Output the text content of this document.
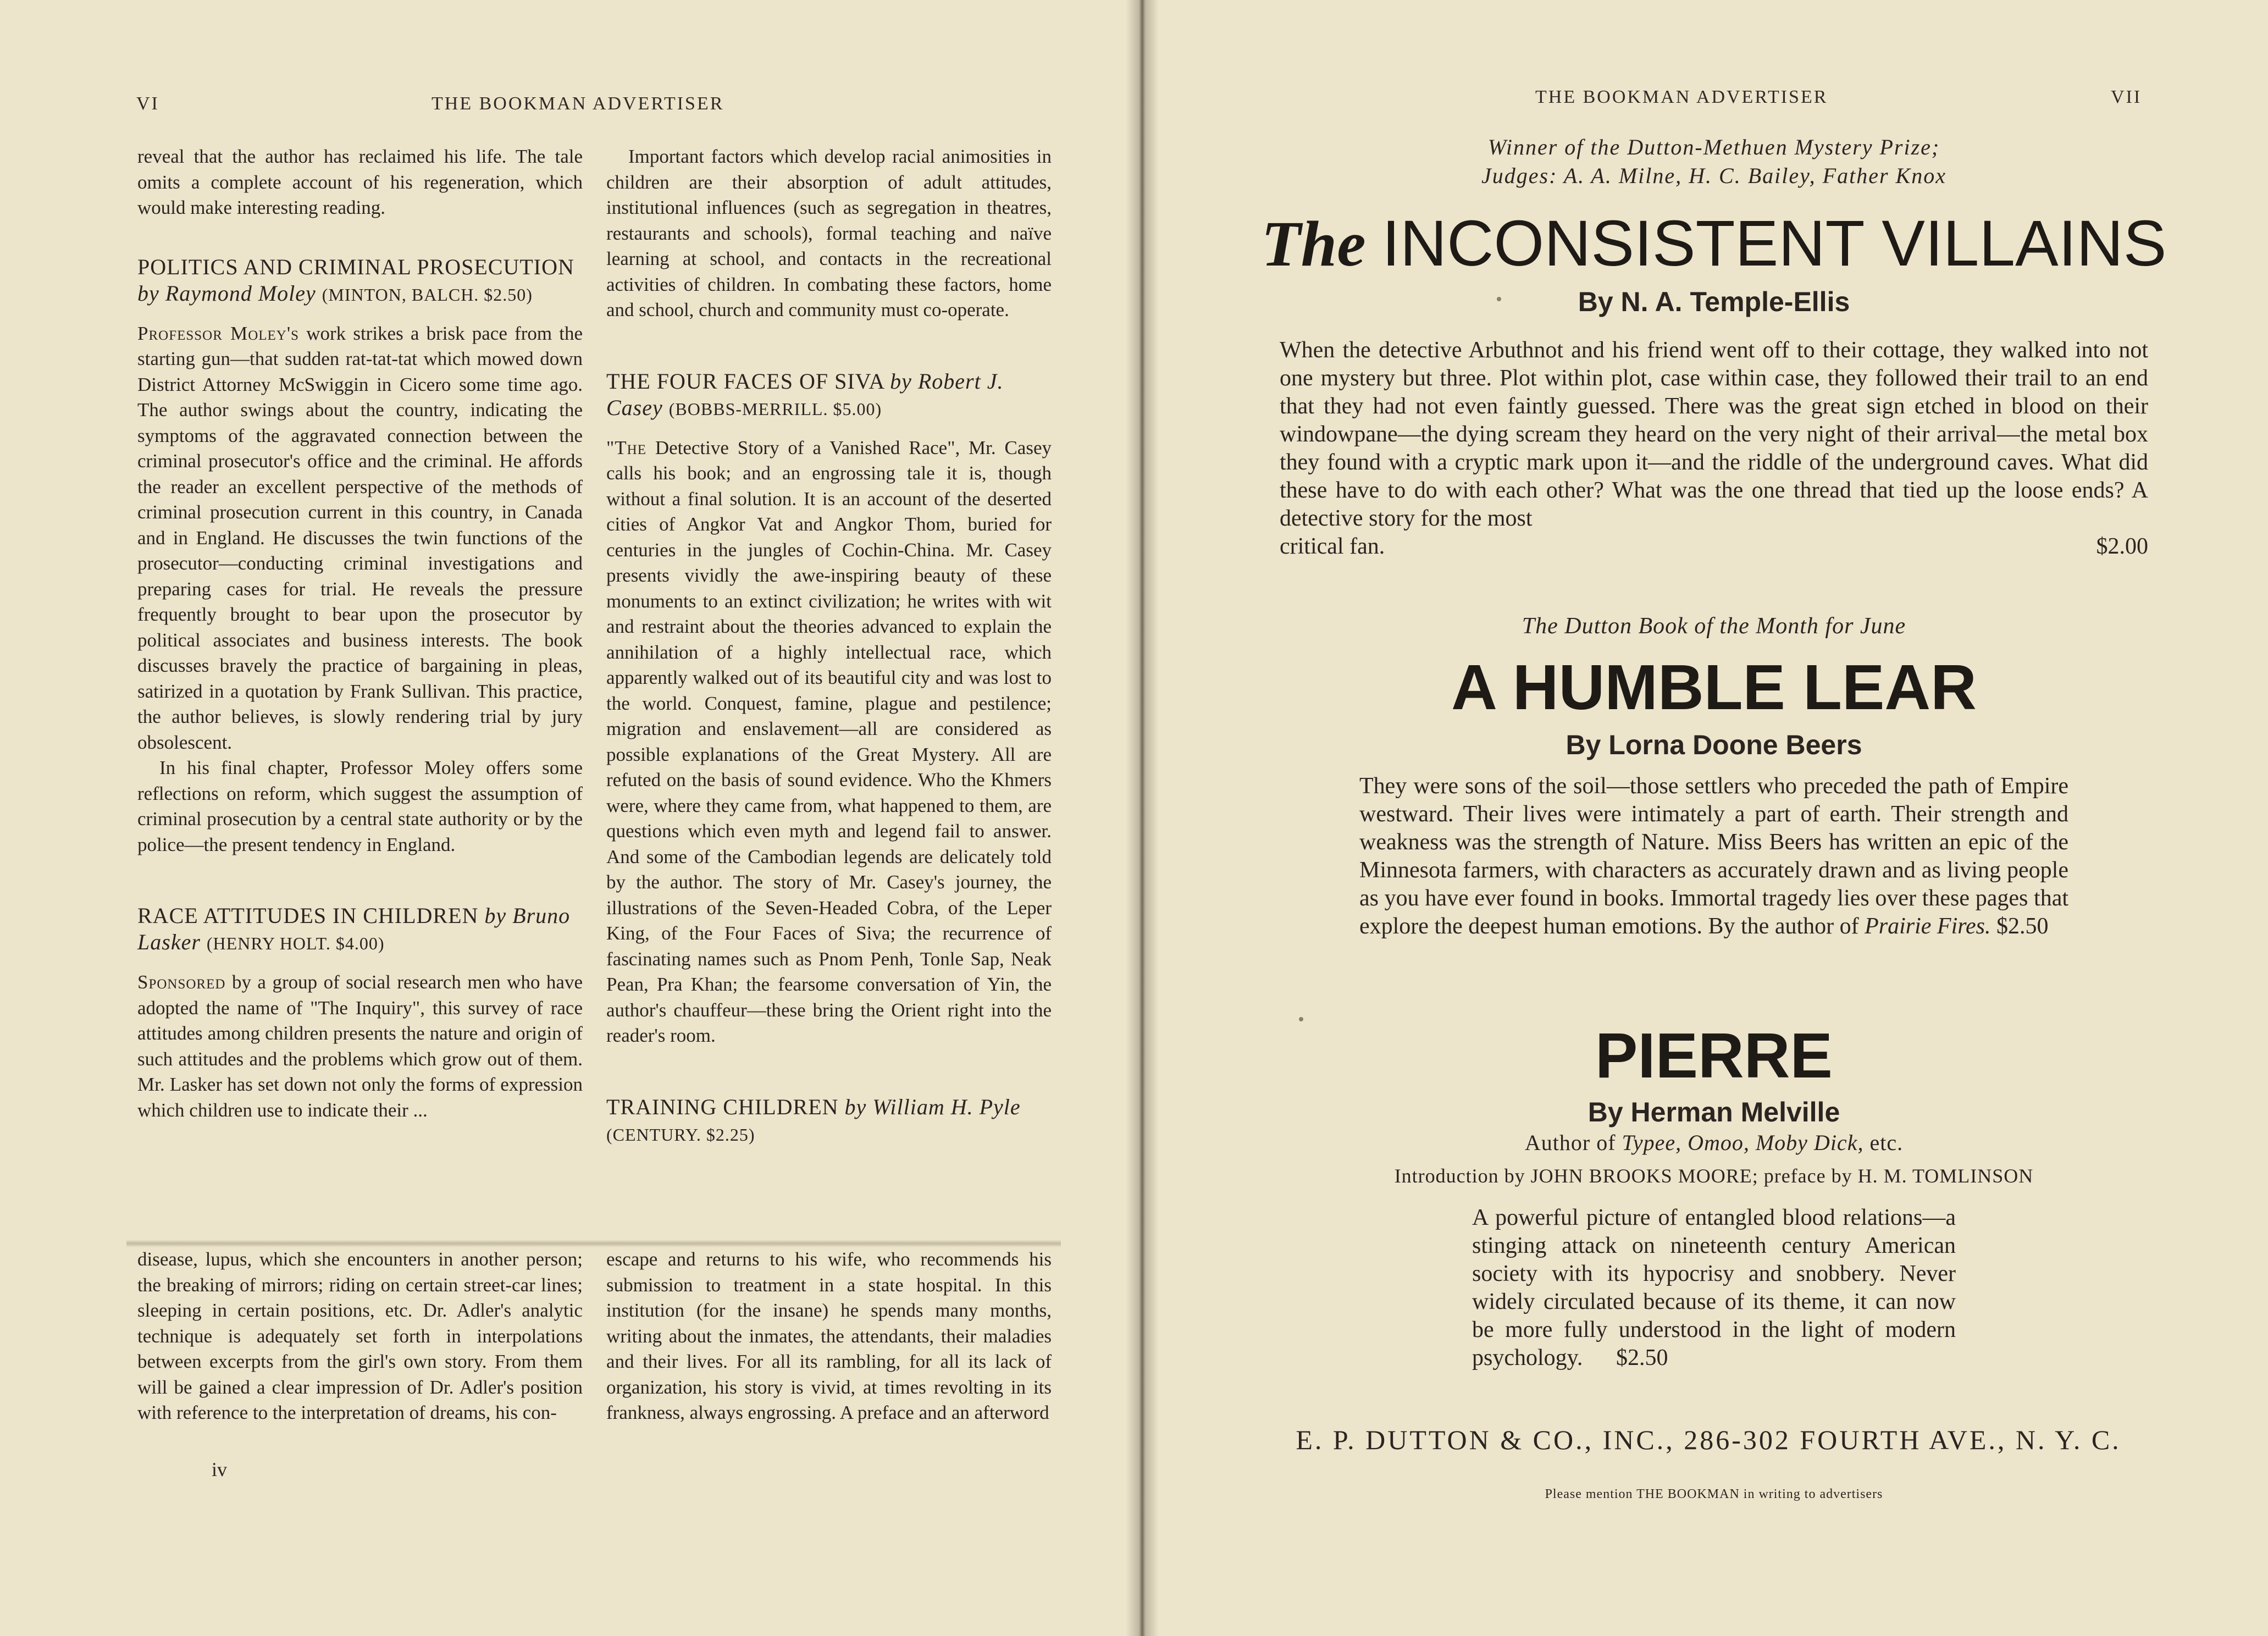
VI	THE BOOKMAN ADVERTISER

reveal that the author has reclaimed his life. The tale omits a complete account of his regeneration, which would make interesting reading.

POLITICS AND CRIMINAL PROSECUTION by Raymond Moley (MINTON, BALCH. $2.50)

Professor Moley's work strikes a brisk pace from the starting gun—that sudden rat-tat-tat which mowed down District Attorney McSwiggin in Cicero some time ago. The author swings about the country, indicating the symptoms of the aggravated connection between the criminal prosecutor's office and the criminal. He affords the reader an excellent perspective of the methods of criminal prosecution current in this country, in Canada and in England. He discusses the twin functions of the prosecutor—conducting criminal investigations and preparing cases for trial. He reveals the pressure frequently brought to bear upon the prosecutor by political associates and business interests. The book discusses bravely the practice of bargaining in pleas, satirized in a quotation by Frank Sullivan. This practice, the author believes, is slowly rendering trial by jury obsolescent.

In his final chapter, Professor Moley offers some reflections on reform, which suggest the assumption of criminal prosecution by a central state authority or by the police—the present tendency in England.

RACE ATTITUDES IN CHILDREN by Bruno Lasker (HENRY HOLT. $4.00)

Sponsored by a group of social research men who have adopted the name of "The Inquiry", this survey of race attitudes among children presents the nature and origin of such attitudes and the problems which grow out of them. Mr. Lasker has set down not only the forms of expression which children use to indicate their ...

disease, lupus, which she encounters in another person; the breaking of mirrors; riding on certain street-car lines; sleeping in certain positions, etc. Dr. Adler's analytic technique is adequately set forth in interpolations between excerpts from the girl's own story. From them will be gained a clear impression of Dr. Adler's position with reference to the interpretation of dreams, his con-

Important factors which develop racial animosities in children are their absorption of adult attitudes, institutional influences (such as segregation in theatres, restaurants and schools), formal teaching and naïve learning at school, and contacts in the recreational activities of children. In combating these factors, home and school, church and community must co-operate.

THE FOUR FACES OF SIVA by Robert J. Casey (BOBBS-MERRILL. $5.00)

"The Detective Story of a Vanished Race", Mr. Casey calls his book; and an engrossing tale it is, though without a final solution. It is an account of the deserted cities of Angkor Vat and Angkor Thom, buried for centuries in the jungles of Cochin-China. Mr. Casey presents vividly the awe-inspiring beauty of these monuments to an extinct civilization; he writes with wit and restraint about the theories advanced to explain the annihilation of a highly intellectual race, which apparently walked out of its beautiful city and was lost to the world. Conquest, famine, plague and pestilence; migration and enslavement—all are considered as possible explanations of the Great Mystery. All are refuted on the basis of sound evidence. Who the Khmers were, where they came from, what happened to them, are questions which even myth and legend fail to answer. And some of the Cambodian legends are delicately told by the author. The story of Mr. Casey's journey, the illustrations of the Seven-Headed Cobra, of the Leper King, of the Four Faces of Siva; the recurrence of fascinating names such as Pnom Penh, Tonle Sap, Neak Pean, Pra Khan; the fearsome conversation of Yin, the author's chauffeur—these bring the Orient right into the reader's room.

TRAINING CHILDREN by William H. Pyle (CENTURY. $2.25)

escape and returns to his wife, who recommends his submission to treatment in a state hospital. In this institution (for the insane) he spends many months, writing about the inmates, the attendants, their maladies and their lives. For all its rambling, for all its lack of organization, his story is vivid, at times revolting in its frankness, always engrossing. A preface and an afterword

iv
THE BOOKMAN ADVERTISER	VII
Winner of the Dutton-Methuen Mystery Prize;
Judges: A. A. Milne, H. C. Bailey, Father Knox
The INCONSISTENT VILLAINS
By N. A. Temple-Ellis

When the detective Arbuthnot and his friend went off to their cottage, they walked into not one mystery but three. Plot within plot, case within case, they followed their trail to an end that they had not even faintly guessed. There was the great sign etched in blood on their windowpane—the dying scream they heard on the very night of their arrival—the metal box they found with a cryptic mark upon it—and the riddle of the underground caves. What did these have to do with each other? What was the one thread that tied up the loose ends? A detective story for the most

critical fan.	$2.00
The Dutton Book of the Month for June
A HUMBLE LEAR
By Lorna Doone Beers

They were sons of the soil—those settlers who preceded the path of Empire westward. Their lives were intimately a part of earth. Their strength and weakness was the strength of Nature. Miss Beers has written an epic of the Minnesota farmers, with characters as accurately drawn and as living people as you have ever found in books. Immortal tragedy lies over these pages that explore the deepest human emotions. By the author of Prairie Fires. $2.50

PIERRE
By Herman Melville
Author of Typee, Omoo, Moby Dick, etc.
Introduction by JOHN BROOKS MOORE; preface by H. M. TOMLINSON

A powerful picture of entangled blood relations—a stinging attack on nineteenth century American society with its hypocrisy and snobbery. Never widely circulated because of its theme, it can now be more fully understood in the light of modern psychology. $2.50

E. P. DUTTON & CO., INC., 286-302 FOURTH AVE., N. Y. C.
Please mention THE BOOKMAN in writing to advertisers
